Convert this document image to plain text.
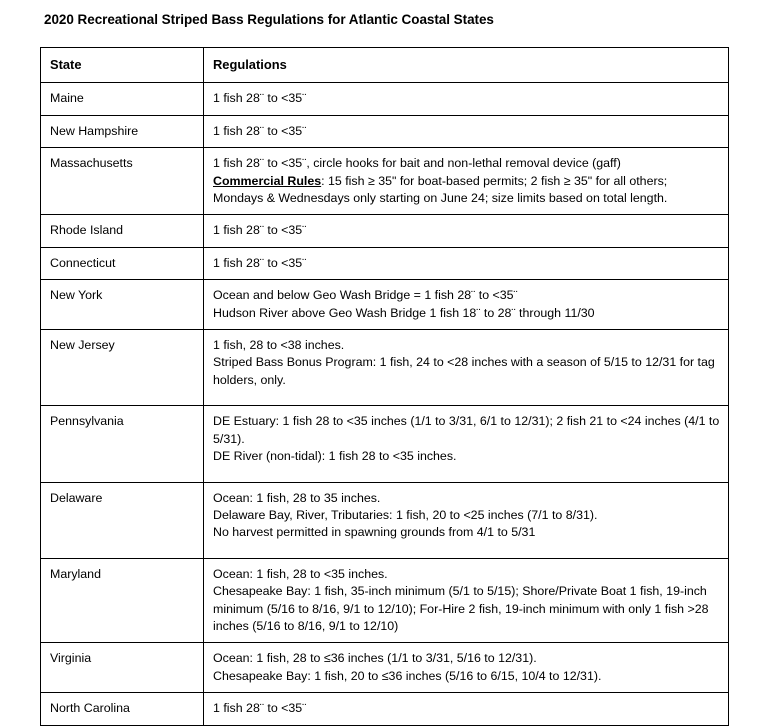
2020 Recreational Striped Bass Regulations for Atlantic Coastal States
State	Regulations
Maine	1 fish 28¨ to <35¨

New Hampshire	1 fish 28¨ to <35¨

Massachusetts	1 fish 28¨ to <35¨, circle hooks for bait and non-lethal removal device (gaff)
Commercial Rules: 15 fish ≥ 35" for boat-based permits; 2 fish ≥ 35" for all others;
Mondays & Wednesdays only starting on June 24; size limits based on total length.

Rhode Island	1 fish 28¨ to <35¨

Connecticut	1 fish 28¨ to <35¨

New York	Ocean and below Geo Wash Bridge = 1 fish 28¨ to <35¨
Hudson River above Geo Wash Bridge 1 fish 18¨ to 28¨ through 11/30

New Jersey	1 fish, 28 to <38 inches.
Striped Bass Bonus Program: 1 fish, 24 to <28 inches with a season of 5/15 to 12/31 for tag holders, only.

Pennsylvania	DE Estuary: 1 fish 28 to <35 inches (1/1 to 3/31, 6/1 to 12/31); 2 fish 21 to <24 inches (4/1 to 5/31).
DE River (non-tidal): 1 fish 28 to <35 inches.

Delaware	Ocean: 1 fish, 28 to 35 inches.
Delaware Bay, River, Tributaries: 1 fish, 20 to <25 inches (7/1 to 8/31).
No harvest permitted in spawning grounds from 4/1 to 5/31

Maryland	Ocean: 1 fish, 28 to <35 inches.
Chesapeake Bay: 1 fish, 35-inch minimum (5/1 to 5/15); Shore/Private Boat 1 fish, 19-inch minimum (5/16 to 8/16, 9/1 to 12/10); For-Hire 2 fish, 19-inch minimum with only 1 fish >28 inches (5/16 to 8/16, 9/1 to 12/10)

Virginia	Ocean: 1 fish, 28 to ≤36 inches (1/1 to 3/31, 5/16 to 12/31).
Chesapeake Bay: 1 fish, 20 to ≤36 inches (5/16 to 6/15, 10/4 to 12/31).

North Carolina	1 fish 28¨ to <35¨
